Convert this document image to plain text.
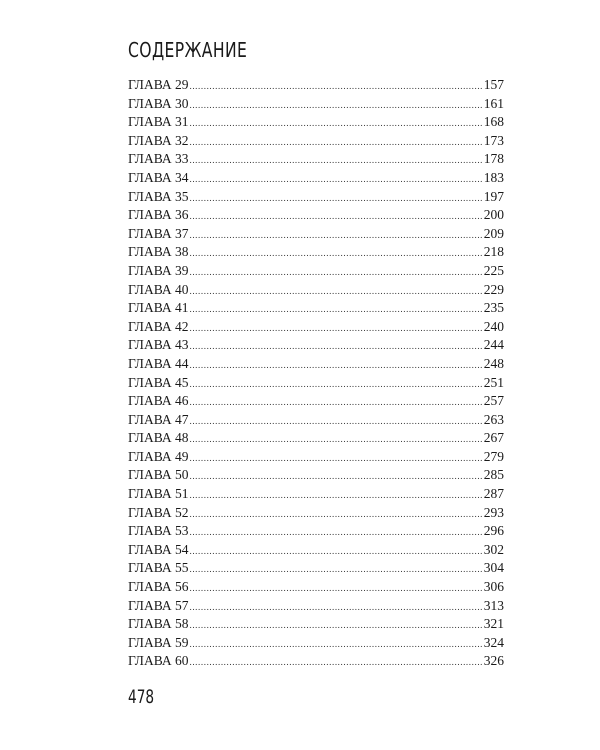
СОДЕРЖАНИЕ
ГЛАВА 29 .....	157
ГЛАВА 30 .....	161
ГЛАВА 31 .....	168
ГЛАВА 32 .....	173
ГЛАВА 33 .....	178
ГЛАВА 34 .....	183
ГЛАВА 35 .....	197
ГЛАВА 36 .....	200
ГЛАВА 37 .....	209
ГЛАВА 38 .....	218
ГЛАВА 39 .....	225
ГЛАВА 40 .....	229
ГЛАВА 41 .....	235
ГЛАВА 42 .....	240
ГЛАВА 43 .....	244
ГЛАВА 44 .....	248
ГЛАВА 45 .....	251
ГЛАВА 46 .....	257
ГЛАВА 47 .....	263
ГЛАВА 48 .....	267
ГЛАВА 49 .....	279
ГЛАВА 50 .....	285
ГЛАВА 51 .....	287
ГЛАВА 52 .....	293
ГЛАВА 53 .....	296
ГЛАВА 54 .....	302
ГЛАВА 55 .....	304
ГЛАВА 56 .....	306
ГЛАВА 57 .....	313
ГЛАВА 58 .....	321
ГЛАВА 59 .....	324
ГЛАВА 60 .....	326
478
